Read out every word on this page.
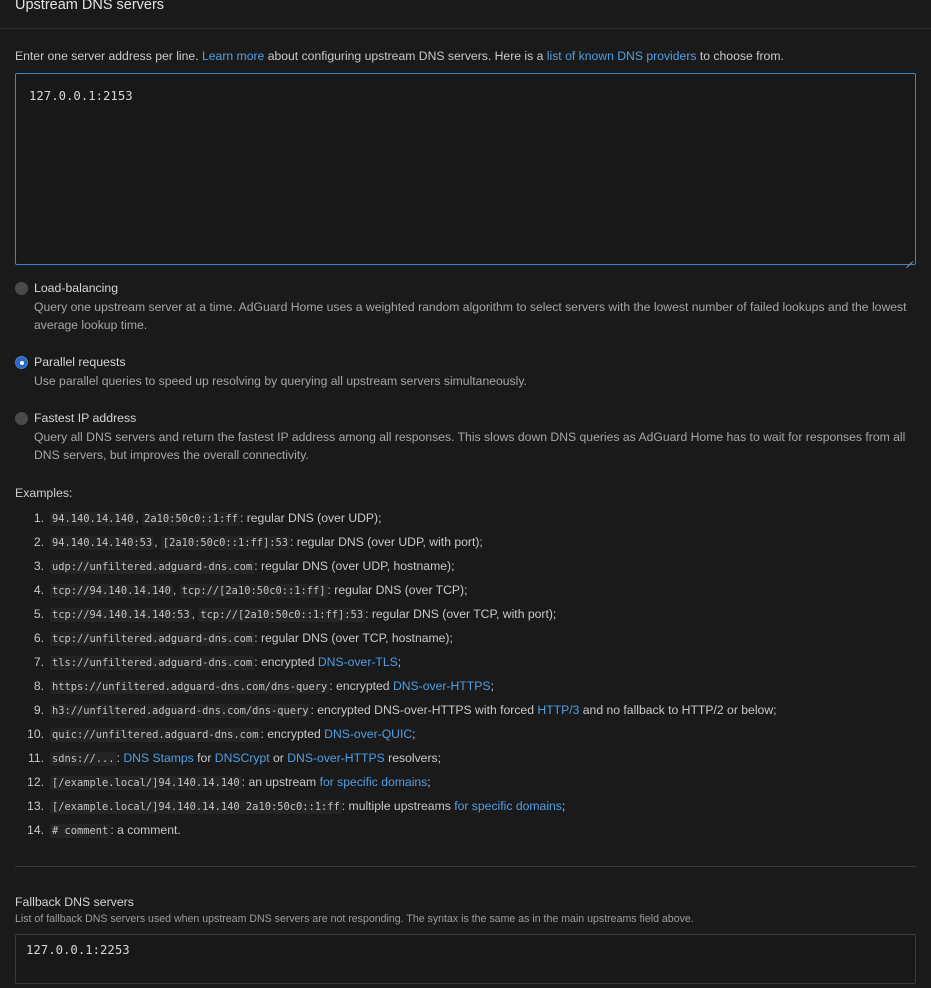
Upstream DNS servers
Enter one server address per line. Learn more about configuring upstream DNS servers. Here is a list of known DNS providers to choose from.
127.0.0.1:2153
Load-balancing
Query one upstream server at a time. AdGuard Home uses a weighted random algorithm to select servers with the lowest number of failed lookups and the lowest average lookup time.
Parallel requests
Use parallel queries to speed up resolving by querying all upstream servers simultaneously.
Fastest IP address
Query all DNS servers and return the fastest IP address among all responses. This slows down DNS queries as AdGuard Home has to wait for responses from all DNS servers, but improves the overall connectivity.
Examples:
1. 94.140.14.140 , 2a10:50c0::1:ff : regular DNS (over UDP);
2. 94.140.14.140:53 , [2a10:50c0::1:ff]:53 : regular DNS (over UDP, with port);
3. udp://unfiltered.adguard-dns.com : regular DNS (over UDP, hostname);
4. tcp://94.140.14.140 , tcp://[2a10:50c0::1:ff] : regular DNS (over TCP);
5. tcp://94.140.14.140:53 , tcp://[2a10:50c0::1:ff]:53 : regular DNS (over TCP, with port);
6. tcp://unfiltered.adguard-dns.com : regular DNS (over TCP, hostname);
7. tls://unfiltered.adguard-dns.com : encrypted DNS-over-TLS;
8. https://unfiltered.adguard-dns.com/dns-query : encrypted DNS-over-HTTPS;
9. h3://unfiltered.adguard-dns.com/dns-query : encrypted DNS-over-HTTPS with forced HTTP/3 and no fallback to HTTP/2 or below;
10. quic://unfiltered.adguard-dns.com : encrypted DNS-over-QUIC;
11. sdns://... : DNS Stamps for DNSCrypt or DNS-over-HTTPS resolvers;
12. [/example.local/]94.140.14.140 : an upstream for specific domains;
13. [/example.local/]94.140.14.140 2a10:50c0::1:ff : multiple upstreams for specific domains;
14. # comment : a comment.
Fallback DNS servers
List of fallback DNS servers used when upstream DNS servers are not responding. The syntax is the same as in the main upstreams field above.
127.0.0.1:2253
